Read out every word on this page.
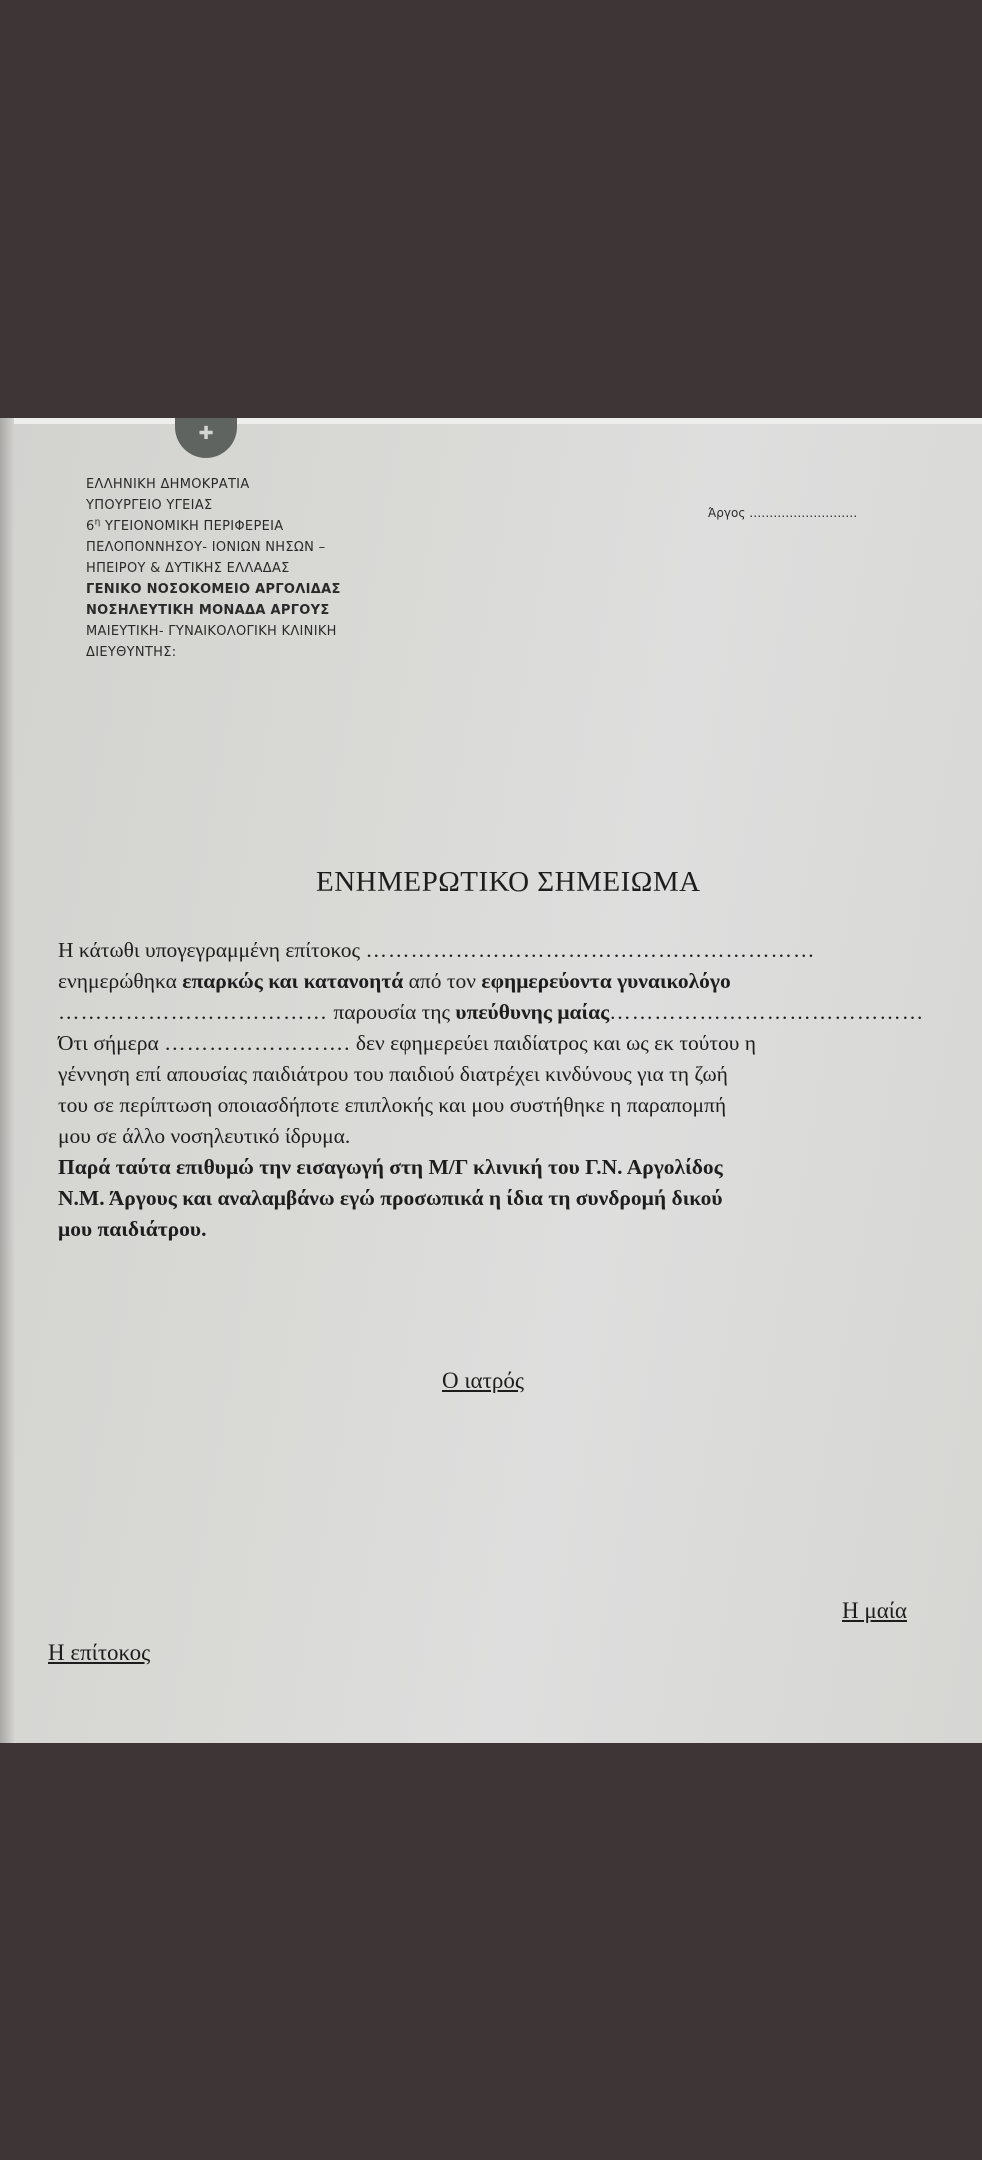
✚
ΕΛΛΗΝΙΚΗ ΔΗΜΟΚΡΑΤΙΑ
ΥΠΟΥΡΓΕΙΟ ΥΓΕΙΑΣ
$6^\eta$ ΥΓΕΙΟΝΟΜΙΚΗ ΠΕΡΙΦΕΡΕΙΑ
ΠΕΛΟΠΟΝΝΗΣΟΥ- ΙΟΝΙΩΝ ΝΗΣΩΝ –
ΗΠΕΙΡΟΥ & ΔΥΤΙΚΗΣ ΕΛΛΑΔΑΣ
ΓΕΝΙΚΟ ΝΟΣΟΚΟΜΕΙΟ ΑΡΓΟΛΙΔΑΣ
ΝΟΣΗΛΕΥΤΙΚΗ ΜΟΝΑΔΑ ΑΡΓΟΥΣ
ΜΑΙΕΥΤΙΚΗ- ΓΥΝΑΙΚΟΛΟΓΙΚΗ ΚΛΙΝΙΚΗ
ΔΙΕΥΘΥΝΤΗΣ:
Άργος ………………………
ΕΝΗΜΕΡΩΤΙΚΟ ΣΗΜΕΙΩΜΑ
Η κάτωθι υπογεγραμμένη επίτοκος ……………………………………………………
ενημερώθηκα επαρκώς και κατανοητά από τον εφημερεύοντα γυναικολόγο
……………………………… παρουσία της υπεύθυνης μαίας……………………………………
Ότι σήμερα ……………………. δεν εφημερεύει παιδίατρος και ως εκ τούτου η
γέννηση επί απουσίας παιδιάτρου του παιδιού διατρέχει κινδύνους για τη ζωή
του σε περίπτωση οποιασδήποτε επιπλοκής και μου συστήθηκε η παραπομπή
μου σε άλλο νοσηλευτικό ίδρυμα.
Παρά ταύτα επιθυμώ την εισαγωγή στη Μ/Γ κλινική του Γ.Ν. Αργολίδος
Ν.Μ. Άργους και αναλαμβάνω εγώ προσωπικά η ίδια τη συνδρομή δικού
μου παιδιάτρου.
Ο ιατρός
Η μαία
Η επίτοκος
